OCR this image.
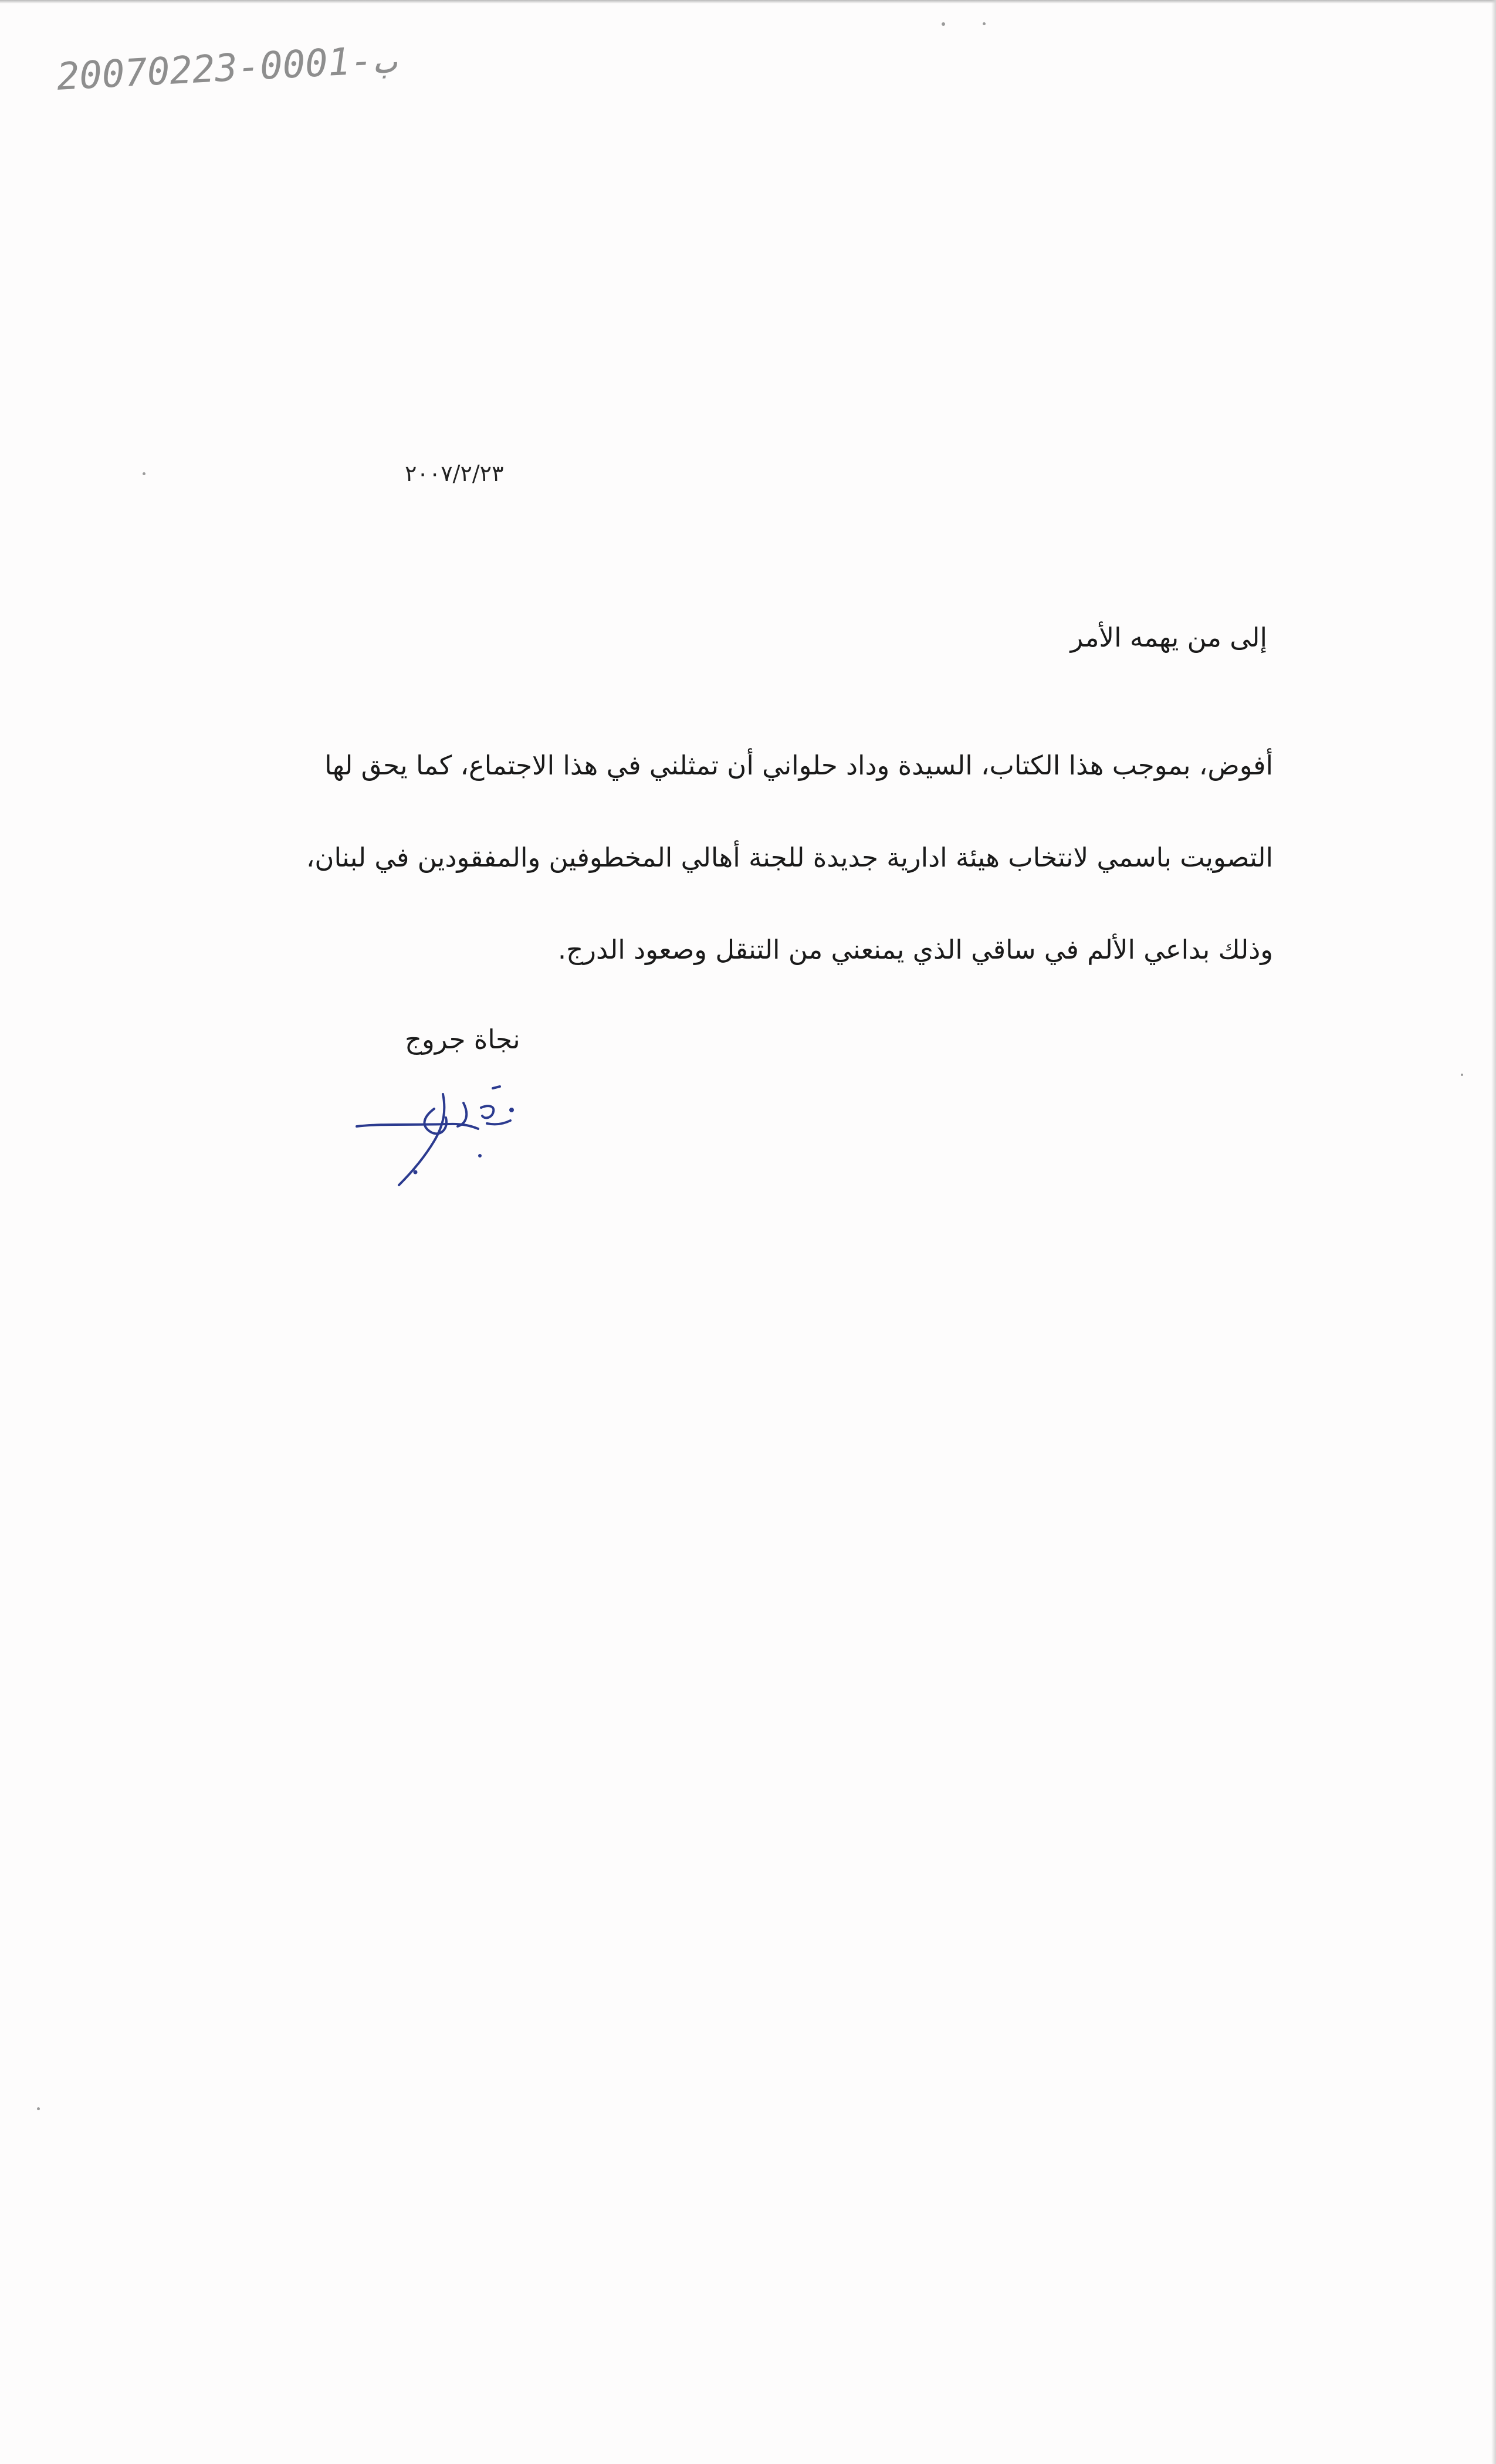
20070223-0001-ب
٢٠٠٧/٢/٢٣
إلى من يهمه الأمر
أفوض، بموجب هذا الكتاب، السيدة وداد حلواني أن تمثلني في هذا الاجتماع، كما يحق لها
التصويت باسمي لانتخاب هيئة ادارية جديدة للجنة أهالي المخطوفين والمفقودين في لبنان،
وذلك بداعي الألم في ساقي الذي يمنعني من التنقل وصعود الدرج.
نجاة جروج
